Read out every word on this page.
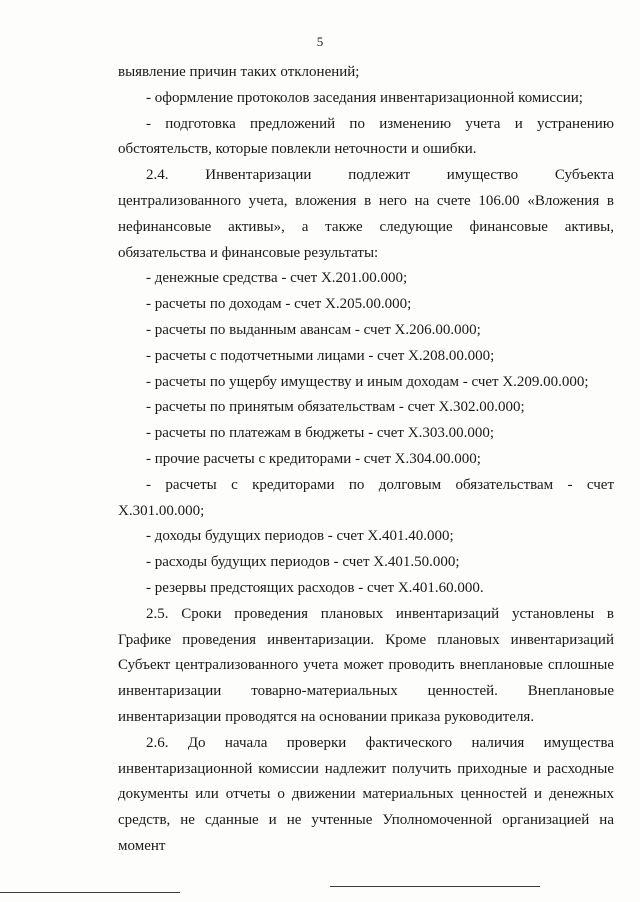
5

выявление причин таких отклонений;

- оформление протоколов заседания инвентаризационной комиссии;

- подготовка предложений по изменению учета и устранению

обстоятельств, которые повлекли неточности и ошибки.

2.4. Инвентаризации подлежит имущество Субъекта

централизованного учета, вложения в него на счете 106.00 «Вложения в

нефинансовые активы», а также следующие финансовые активы,

обязательства и финансовые результаты:

- денежные средства - счет Х.201.00.000;

- расчеты по доходам - счет Х.205.00.000;

- расчеты по выданным авансам - счет Х.206.00.000;

- расчеты с подотчетными лицами - счет Х.208.00.000;

- расчеты по ущербу имуществу и иным доходам - счет Х.209.00.000;

- расчеты по принятым обязательствам - счет Х.302.00.000;

- расчеты по платежам в бюджеты - счет Х.303.00.000;

- прочие расчеты с кредиторами - счет Х.304.00.000;

- расчеты с кредиторами по долговым обязательствам - счет

Х.301.00.000;

- доходы будущих периодов - счет Х.401.40.000;

- расходы будущих периодов - счет Х.401.50.000;

- резервы предстоящих расходов - счет Х.401.60.000.

2.5. Сроки проведения плановых инвентаризаций установлены в

Графике проведения инвентаризации. Кроме плановых инвентаризаций

Субъект централизованного учета может проводить внеплановые сплошные

инвентаризации товарно-материальных ценностей. Внеплановые

инвентаризации проводятся на основании приказа руководителя.

2.6. До начала проверки фактического наличия имущества

инвентаризационной комиссии надлежит получить приходные и расходные

документы или отчеты о движении материальных ценностей и денежных

средств, не сданные и не учтенные Уполномоченной организацией на момент
